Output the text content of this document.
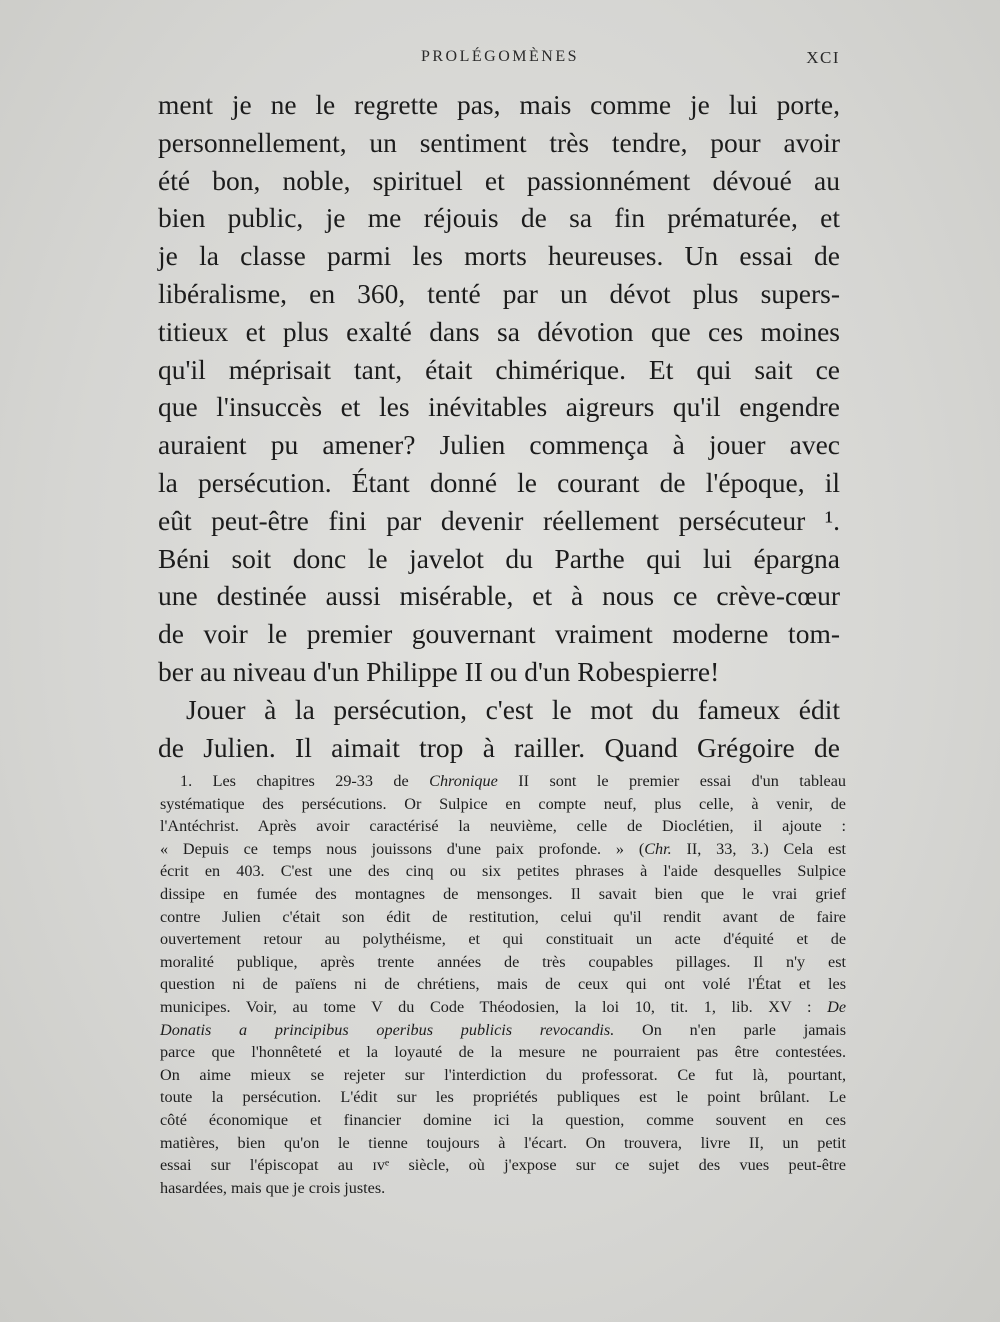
PROLÉGOMÈNES	XCI
ment je ne le regrette pas, mais comme je lui porte,
personnellement, un sentiment très tendre, pour avoir
été bon, noble, spirituel et passionnément dévoué au
bien public, je me réjouis de sa fin prématurée, et
je la classe parmi les morts heureuses. Un essai de
libéralisme, en 360, tenté par un dévot plus supers-
titieux et plus exalté dans sa dévotion que ces moines
qu'il méprisait tant, était chimérique. Et qui sait ce
que l'insuccès et les inévitables aigreurs qu'il engendre
auraient pu amener? Julien commença à jouer avec
la persécution. Étant donné le courant de l'époque, il
eût peut-être fini par devenir réellement persécuteur ¹.
Béni soit donc le javelot du Parthe qui lui épargna
une destinée aussi misérable, et à nous ce crève-cœur
de voir le premier gouvernant vraiment moderne tom-
ber au niveau d'un Philippe II ou d'un Robespierre!
Jouer à la persécution, c'est le mot du fameux édit
de Julien. Il aimait trop à railler. Quand Grégoire de
1. Les chapitres 29-33 de Chronique II sont le premier essai d'un tableau
systématique des persécutions. Or Sulpice en compte neuf, plus celle, à venir, de
l'Antéchrist. Après avoir caractérisé la neuvième, celle de Dioclétien, il ajoute :
« Depuis ce temps nous jouissons d'une paix profonde. » (Chr. II, 33, 3.) Cela est
écrit en 403. C'est une des cinq ou six petites phrases à l'aide desquelles Sulpice
dissipe en fumée des montagnes de mensonges. Il savait bien que le vrai grief
contre Julien c'était son édit de restitution, celui qu'il rendit avant de faire
ouvertement retour au polythéisme, et qui constituait un acte d'équité et de
moralité publique, après trente années de très coupables pillages. Il n'y est
question ni de païens ni de chrétiens, mais de ceux qui ont volé l'État et les
municipes. Voir, au tome V du Code Théodosien, la loi 10, tit. 1, lib. XV : De
Donatis a principibus operibus publicis revocandis. On n'en parle jamais
parce que l'honnêteté et la loyauté de la mesure ne pourraient pas être contestées.
On aime mieux se rejeter sur l'interdiction du professorat. Ce fut là, pourtant,
toute la persécution. L'édit sur les propriétés publiques est le point brûlant. Le
côté économique et financier domine ici la question, comme souvent en ces
matières, bien qu'on le tienne toujours à l'écart. On trouvera, livre II, un petit
essai sur l'épiscopat au ɪᴠᵉ siècle, où j'expose sur ce sujet des vues peut-être
hasardées, mais que je crois justes.
